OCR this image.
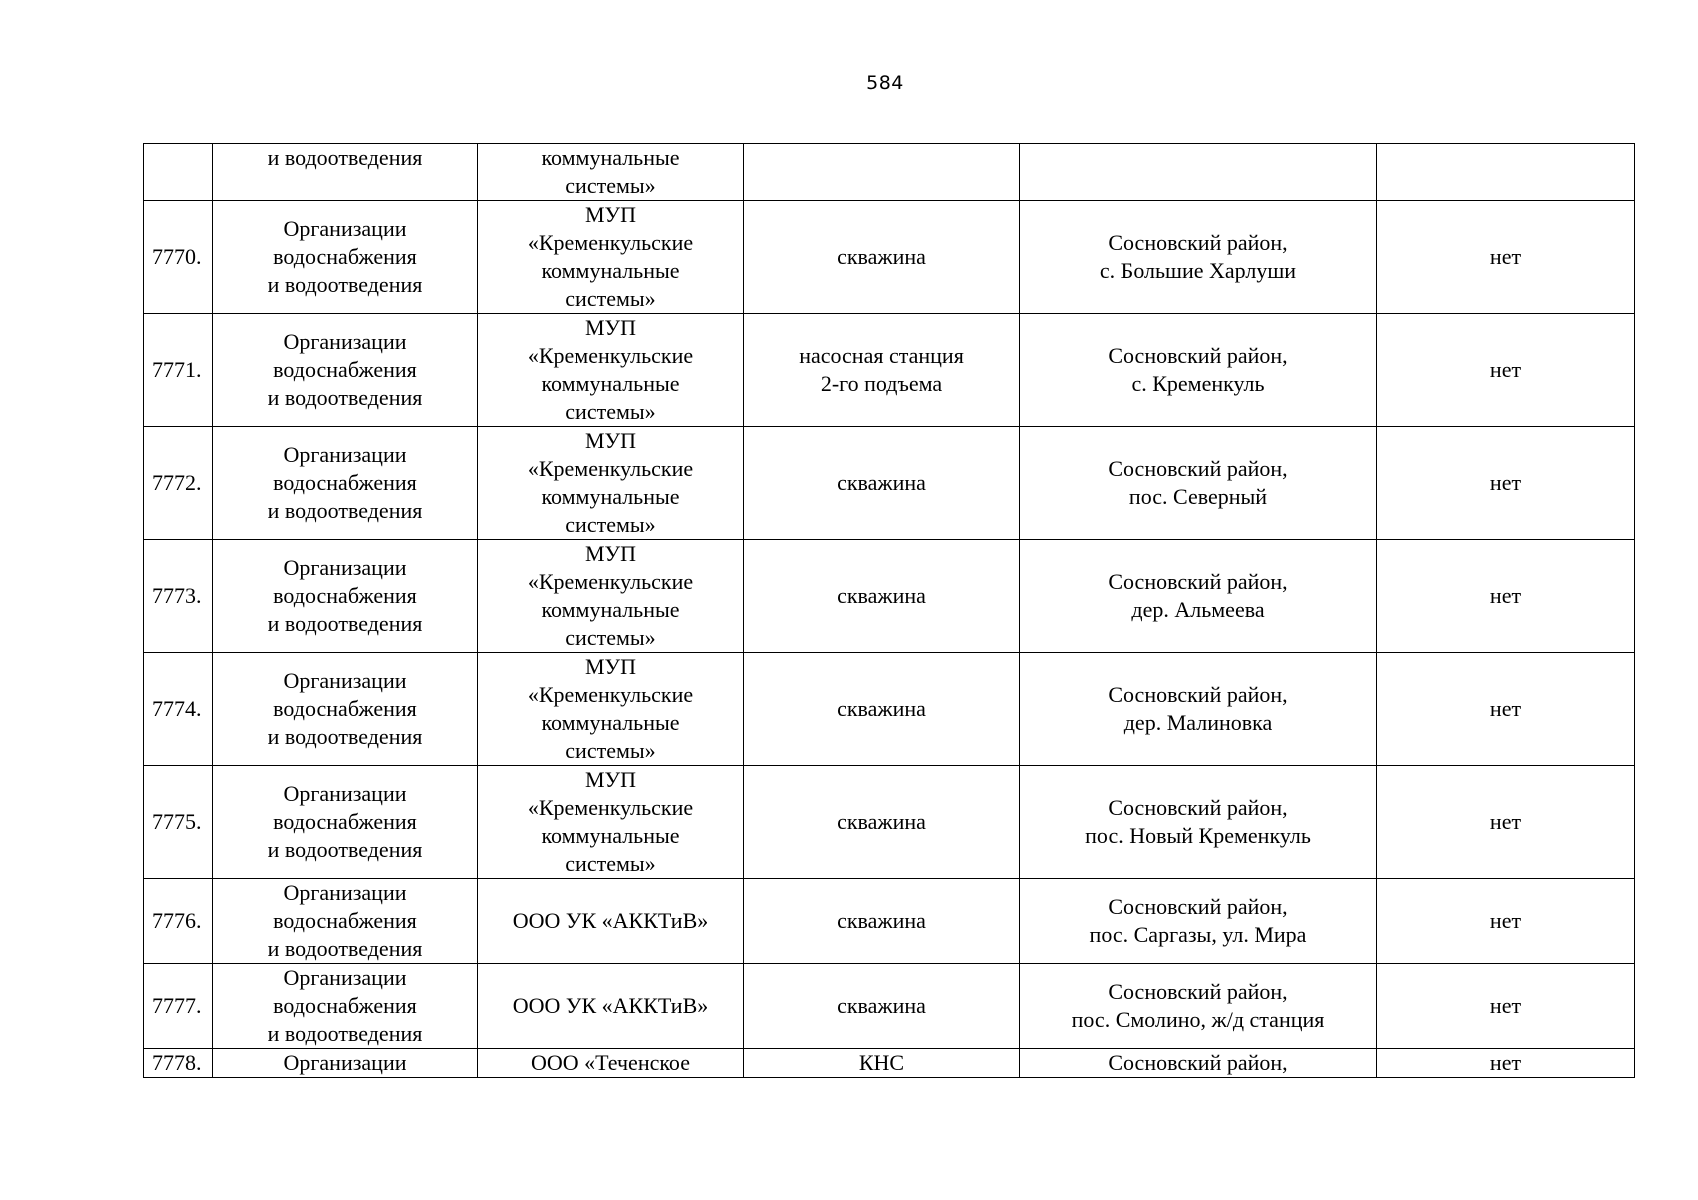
584
	и водоотведения	коммунальные
системы»			
7770.	Организации
водоснабжения
и водоотведения	МУП
«Кременкульские
коммунальные
системы»	скважина	Сосновский район,
с. Большие Харлуши	нет
7771.	Организации
водоснабжения
и водоотведения	МУП
«Кременкульские
коммунальные
системы»	насосная станция
2-го подъема	Сосновский район,
с. Кременкуль	нет
7772.	Организации
водоснабжения
и водоотведения	МУП
«Кременкульские
коммунальные
системы»	скважина	Сосновский район,
пос. Северный	нет
7773.	Организации
водоснабжения
и водоотведения	МУП
«Кременкульские
коммунальные
системы»	скважина	Сосновский район,
дер. Альмеева	нет
7774.	Организации
водоснабжения
и водоотведения	МУП
«Кременкульские
коммунальные
системы»	скважина	Сосновский район,
дер. Малиновка	нет
7775.	Организации
водоснабжения
и водоотведения	МУП
«Кременкульские
коммунальные
системы»	скважина	Сосновский район,
пос. Новый Кременкуль	нет
7776.	Организации
водоснабжения
и водоотведения	ООО УК «АККТиВ»	скважина	Сосновский район,
пос. Саргазы, ул. Мира	нет
7777.	Организации
водоснабжения
и водоотведения	ООО УК «АККТиВ»	скважина	Сосновский район,
пос. Смолино, ж/д станция	нет
7778.	Организации	ООО «Теченское	КНС	Сосновский район,	нет
